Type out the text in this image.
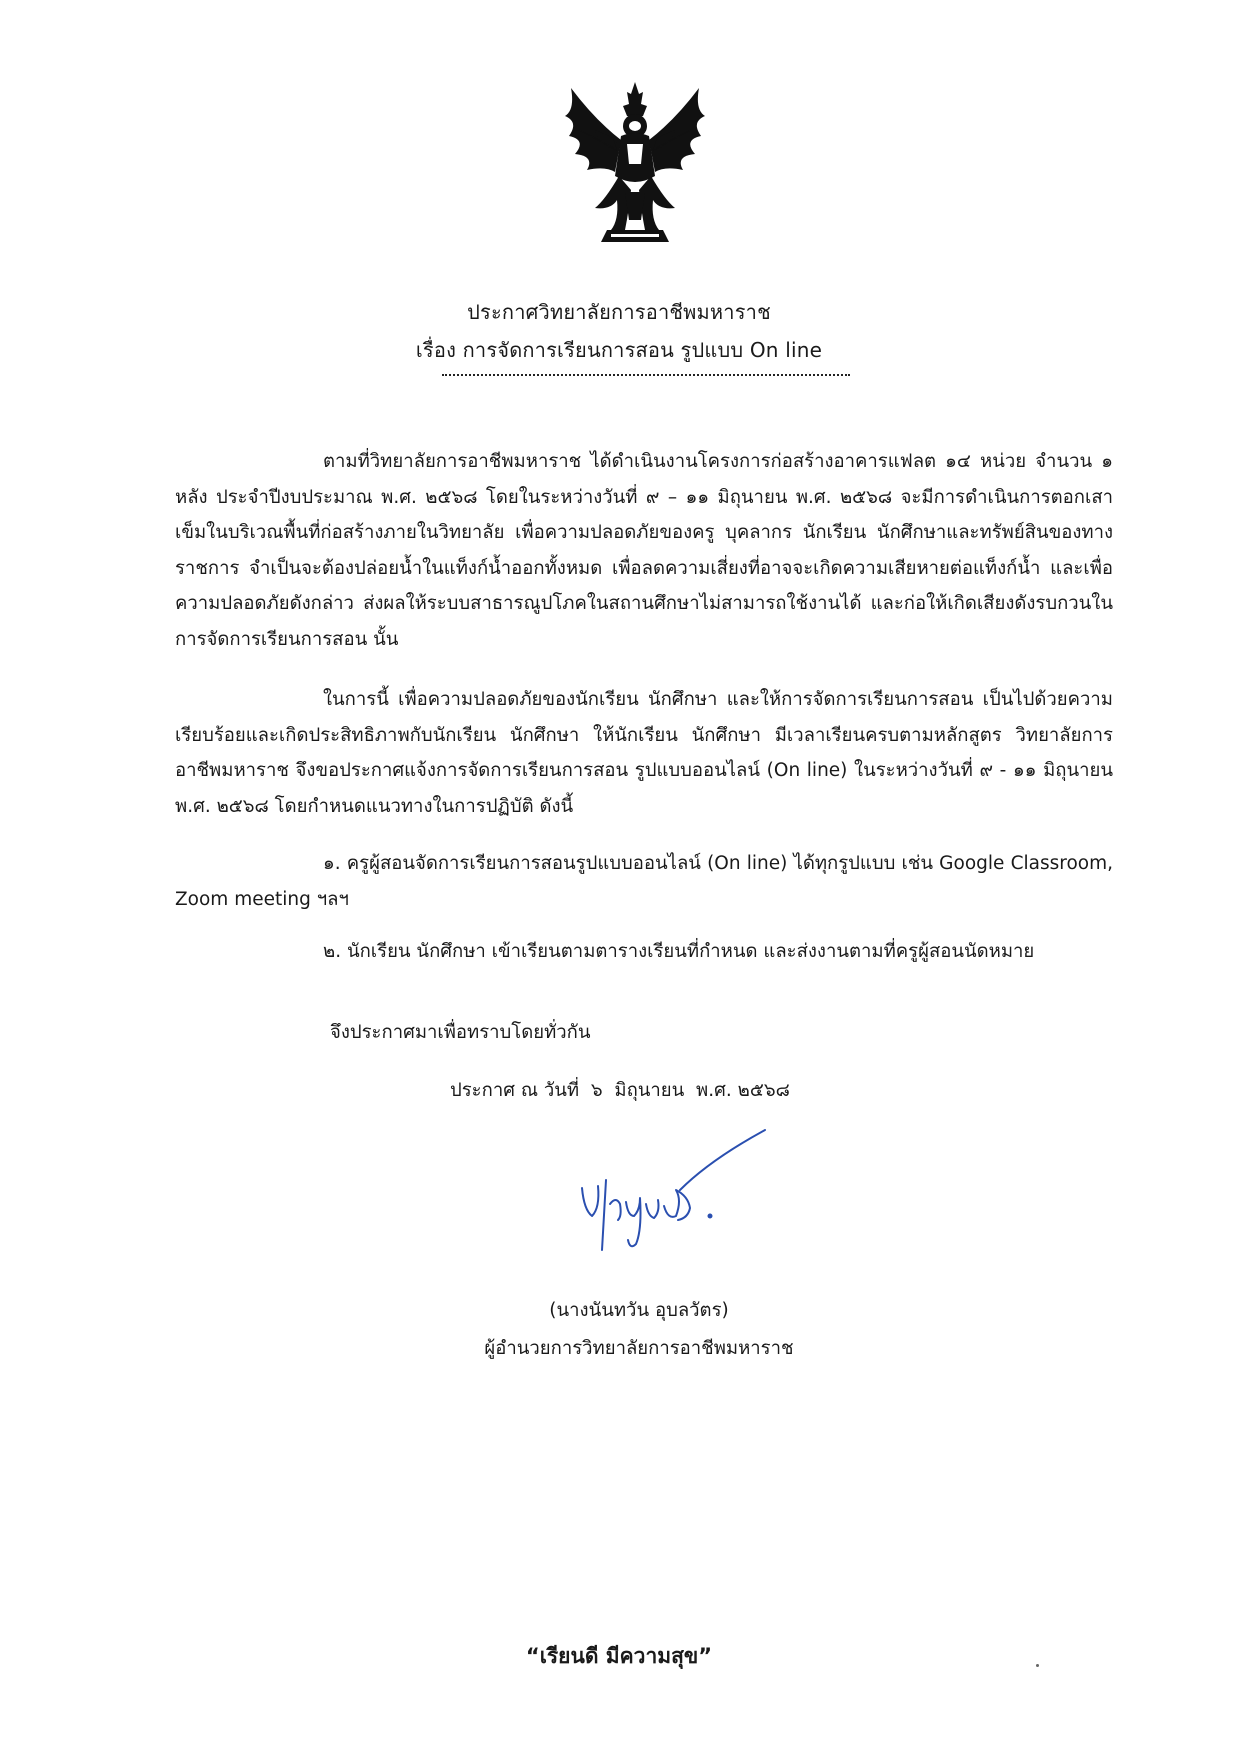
ประกาศวิทยาลัยการอาชีพมหาราช
เรื่อง การจัดการเรียนการสอน รูปแบบ On line
ตามที่วิทยาลัยการอาชีพมหาราช ได้ดำเนินงานโครงการก่อสร้างอาคารแฟลต ๑๔ หน่วย จำนวน ๑ หลัง ประจำปีงบประมาณ พ.ศ. ๒๕๖๘ โดยในระหว่างวันที่ ๙ – ๑๑ มิถุนายน พ.ศ. ๒๕๖๘ จะมีการดำเนินการตอกเสาเข็มในบริเวณพื้นที่ก่อสร้างภายในวิทยาลัย เพื่อความปลอดภัยของครู บุคลากร นักเรียน นักศึกษาและทรัพย์สินของทางราชการ จำเป็นจะต้องปล่อยน้ำในแท็งก์น้ำออกทั้งหมด เพื่อลดความเสี่ยงที่อาจจะเกิดความเสียหายต่อแท็งก์น้ำ และเพื่อความปลอดภัยดังกล่าว ส่งผลให้ระบบสาธารณูปโภคในสถานศึกษาไม่สามารถใช้งานได้ และก่อให้เกิดเสียงดังรบกวนในการจัดการเรียนการสอน นั้น
ในการนี้ เพื่อความปลอดภัยของนักเรียน นักศึกษา และให้การจัดการเรียนการสอน เป็นไปด้วยความเรียบร้อยและเกิดประสิทธิภาพกับนักเรียน นักศึกษา ให้นักเรียน นักศึกษา มีเวลาเรียนครบตามหลักสูตร วิทยาลัยการอาชีพมหาราช จึงขอประกาศแจ้งการจัดการเรียนการสอน รูปแบบออนไลน์ (On line) ในระหว่างวันที่ ๙ - ๑๑ มิถุนายน พ.ศ. ๒๕๖๘ โดยกำหนดแนวทางในการปฏิบัติ ดังนี้
๑. ครูผู้สอนจัดการเรียนการสอนรูปแบบออนไลน์ (On line) ได้ทุกรูปแบบ เช่น Google Classroom, Zoom meeting ฯลฯ
๒. นักเรียน นักศึกษา เข้าเรียนตามตารางเรียนที่กำหนด และส่งงานตามที่ครูผู้สอนนัดหมาย
จึงประกาศมาเพื่อทราบโดยทั่วกัน
ประกาศ ณ วันที่  ๖  มิถุนายน  พ.ศ. ๒๕๖๘
(นางนันทวัน อุบลวัตร)
ผู้อำนวยการวิทยาลัยการอาชีพมหาราช
“เรียนดี มีความสุข”
